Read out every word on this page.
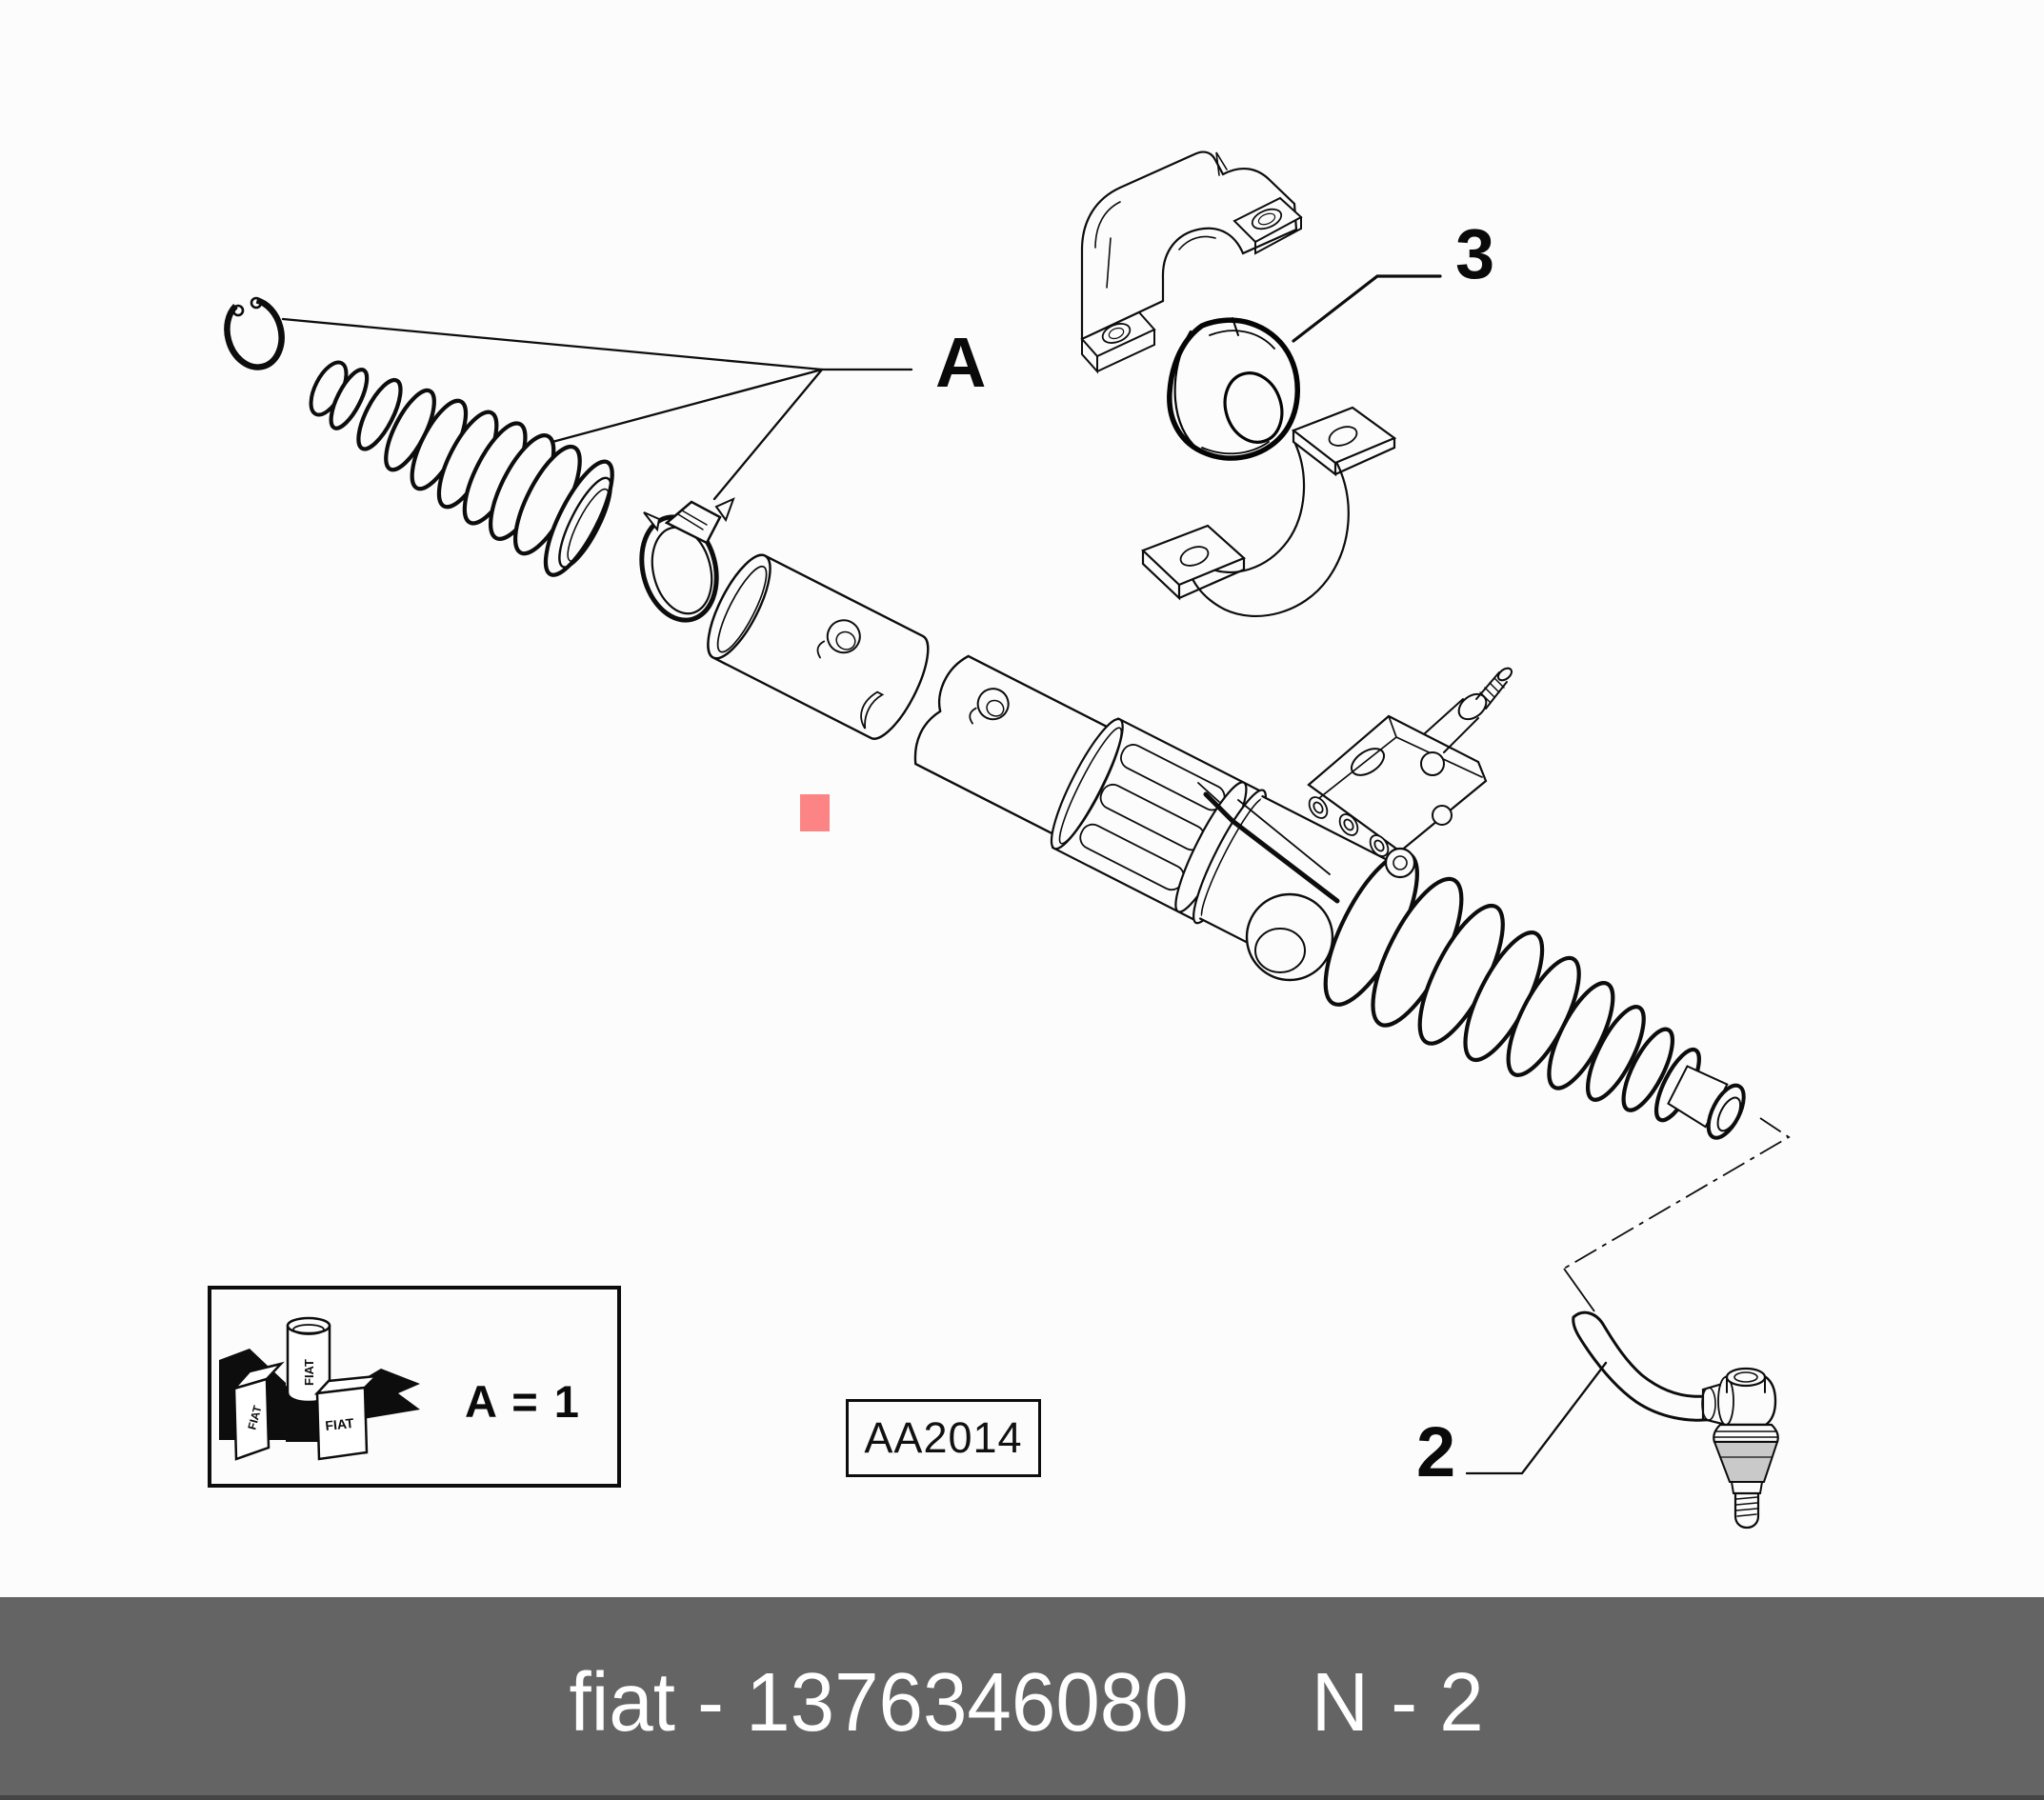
FIAT
FIAT	FIAT
A
3
2
A = 1
AA2014
fiat - 1376346080 N - 2
